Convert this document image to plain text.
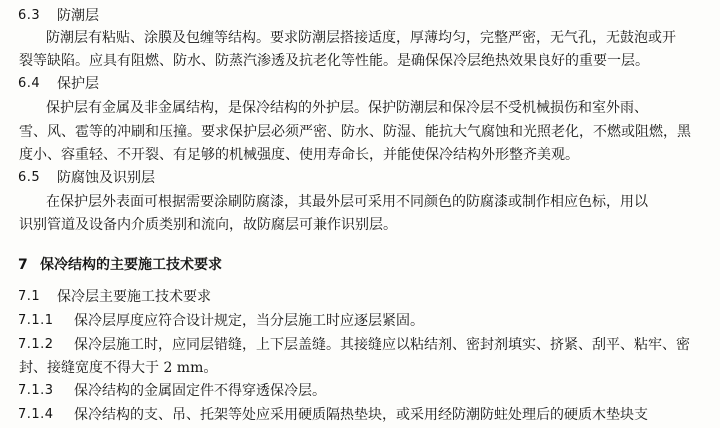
6.3 防潮层
防潮层有粘贴、涂膜及包缠等结构。要求防潮层搭接适度，厚薄均匀，完整严密，无气孔，无鼓泡或开
裂等缺陷。应具有阻燃、防水、防蒸汽渗透及抗老化等性能。是确保保冷层绝热效果良好的重要一层。
6.4 保护层
保护层有金属及非金属结构，是保冷结构的外护层。保护防潮层和保冷层不受机械损伤和室外雨、
雪、风、雹等的冲刷和压撞。要求保护层必须严密、防水、防湿、能抗大气腐蚀和光照老化，不燃或阻燃，黑
度小、容重轻、不开裂、有足够的机械强度、使用寿命长，并能使保冷结构外形整齐美观。
6.5 防腐蚀及识别层
在保护层外表面可根据需要涂刷防腐漆，其最外层可采用不同颜色的防腐漆或制作相应色标，用以
识别管道及设备内介质类别和流向，故防腐层可兼作识别层。
7 保冷结构的主要施工技术要求
7.1 保冷层主要施工技术要求
7.1.1 保冷层厚度应符合设计规定，当分层施工时应逐层紧固。
7.1.2 保冷层施工时，应同层错缝，上下层盖缝。其接缝应以粘结剂、密封剂填实、挤紧、刮平、粘牢、密
封、接缝宽度不得大于 2 mm。
7.1.3 保冷结构的金属固定件不得穿透保冷层。
7.1.4 保冷结构的支、吊、托架等处应采用硬质隔热垫块，或采用经防潮防蛀处理后的硬质木垫块支
